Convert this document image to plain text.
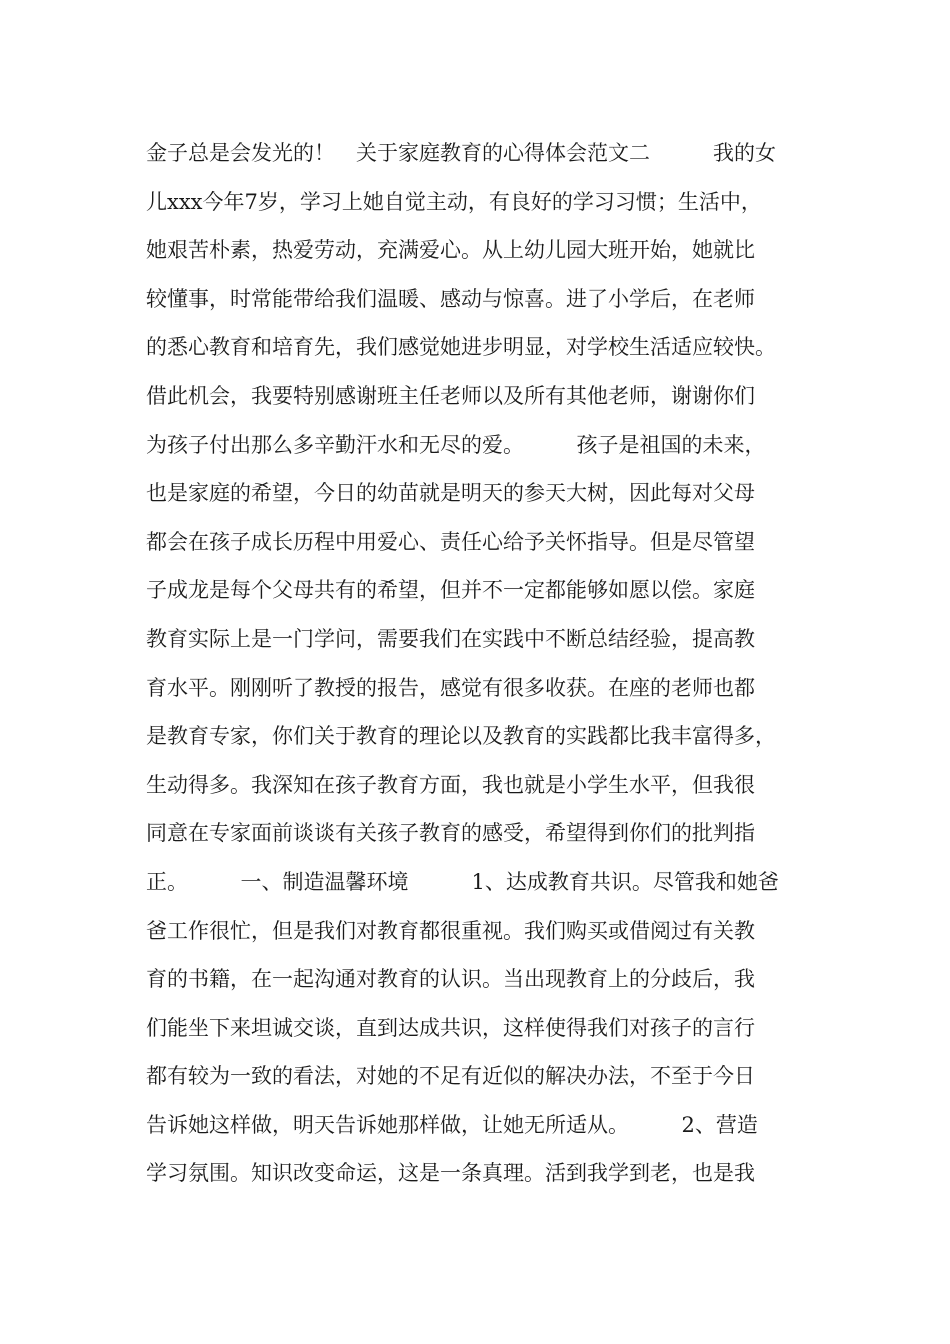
金子总是会发光的！　关于家庭教育的心得体会范文二　　　我的女
儿xxx今年7岁，学习上她自觉主动，有良好的学习习惯；生活中，
她艰苦朴素，热爱劳动，充满爱心。从上幼儿园大班开始，她就比
较懂事，时常能带给我们温暖、感动与惊喜。进了小学后，在老师
的悉心教育和培育先，我们感觉她进步明显，对学校生活适应较快。
借此机会，我要特别感谢班主任老师以及所有其他老师，谢谢你们
为孩子付出那么多辛勤汗水和无尽的爱。　　　孩子是祖国的未来，
也是家庭的希望，今日的幼苗就是明天的参天大树，因此每对父母
都会在孩子成长历程中用爱心、责任心给予关怀指导。但是尽管望
子成龙是每个父母共有的希望，但并不一定都能够如愿以偿。家庭
教育实际上是一门学问，需要我们在实践中不断总结经验，提高教
育水平。刚刚听了教授的报告，感觉有很多收获。在座的老师也都
是教育专家，你们关于教育的理论以及教育的实践都比我丰富得多，
生动得多。我深知在孩子教育方面，我也就是小学生水平，但我很
同意在专家面前谈谈有关孩子教育的感受，希望得到你们的批判指
正。　　　一、制造温馨环境　　　1、达成教育共识。尽管我和她爸
爸工作很忙，但是我们对教育都很重视。我们购买或借阅过有关教
育的书籍，在一起沟通对教育的认识。当出现教育上的分歧后，我
们能坐下来坦诚交谈，直到达成共识，这样使得我们对孩子的言行
都有较为一致的看法，对她的不足有近似的解决办法，不至于今日
告诉她这样做，明天告诉她那样做，让她无所适从。　　　2、营造
学习氛围。知识改变命运，这是一条真理。活到我学到老，也是我
